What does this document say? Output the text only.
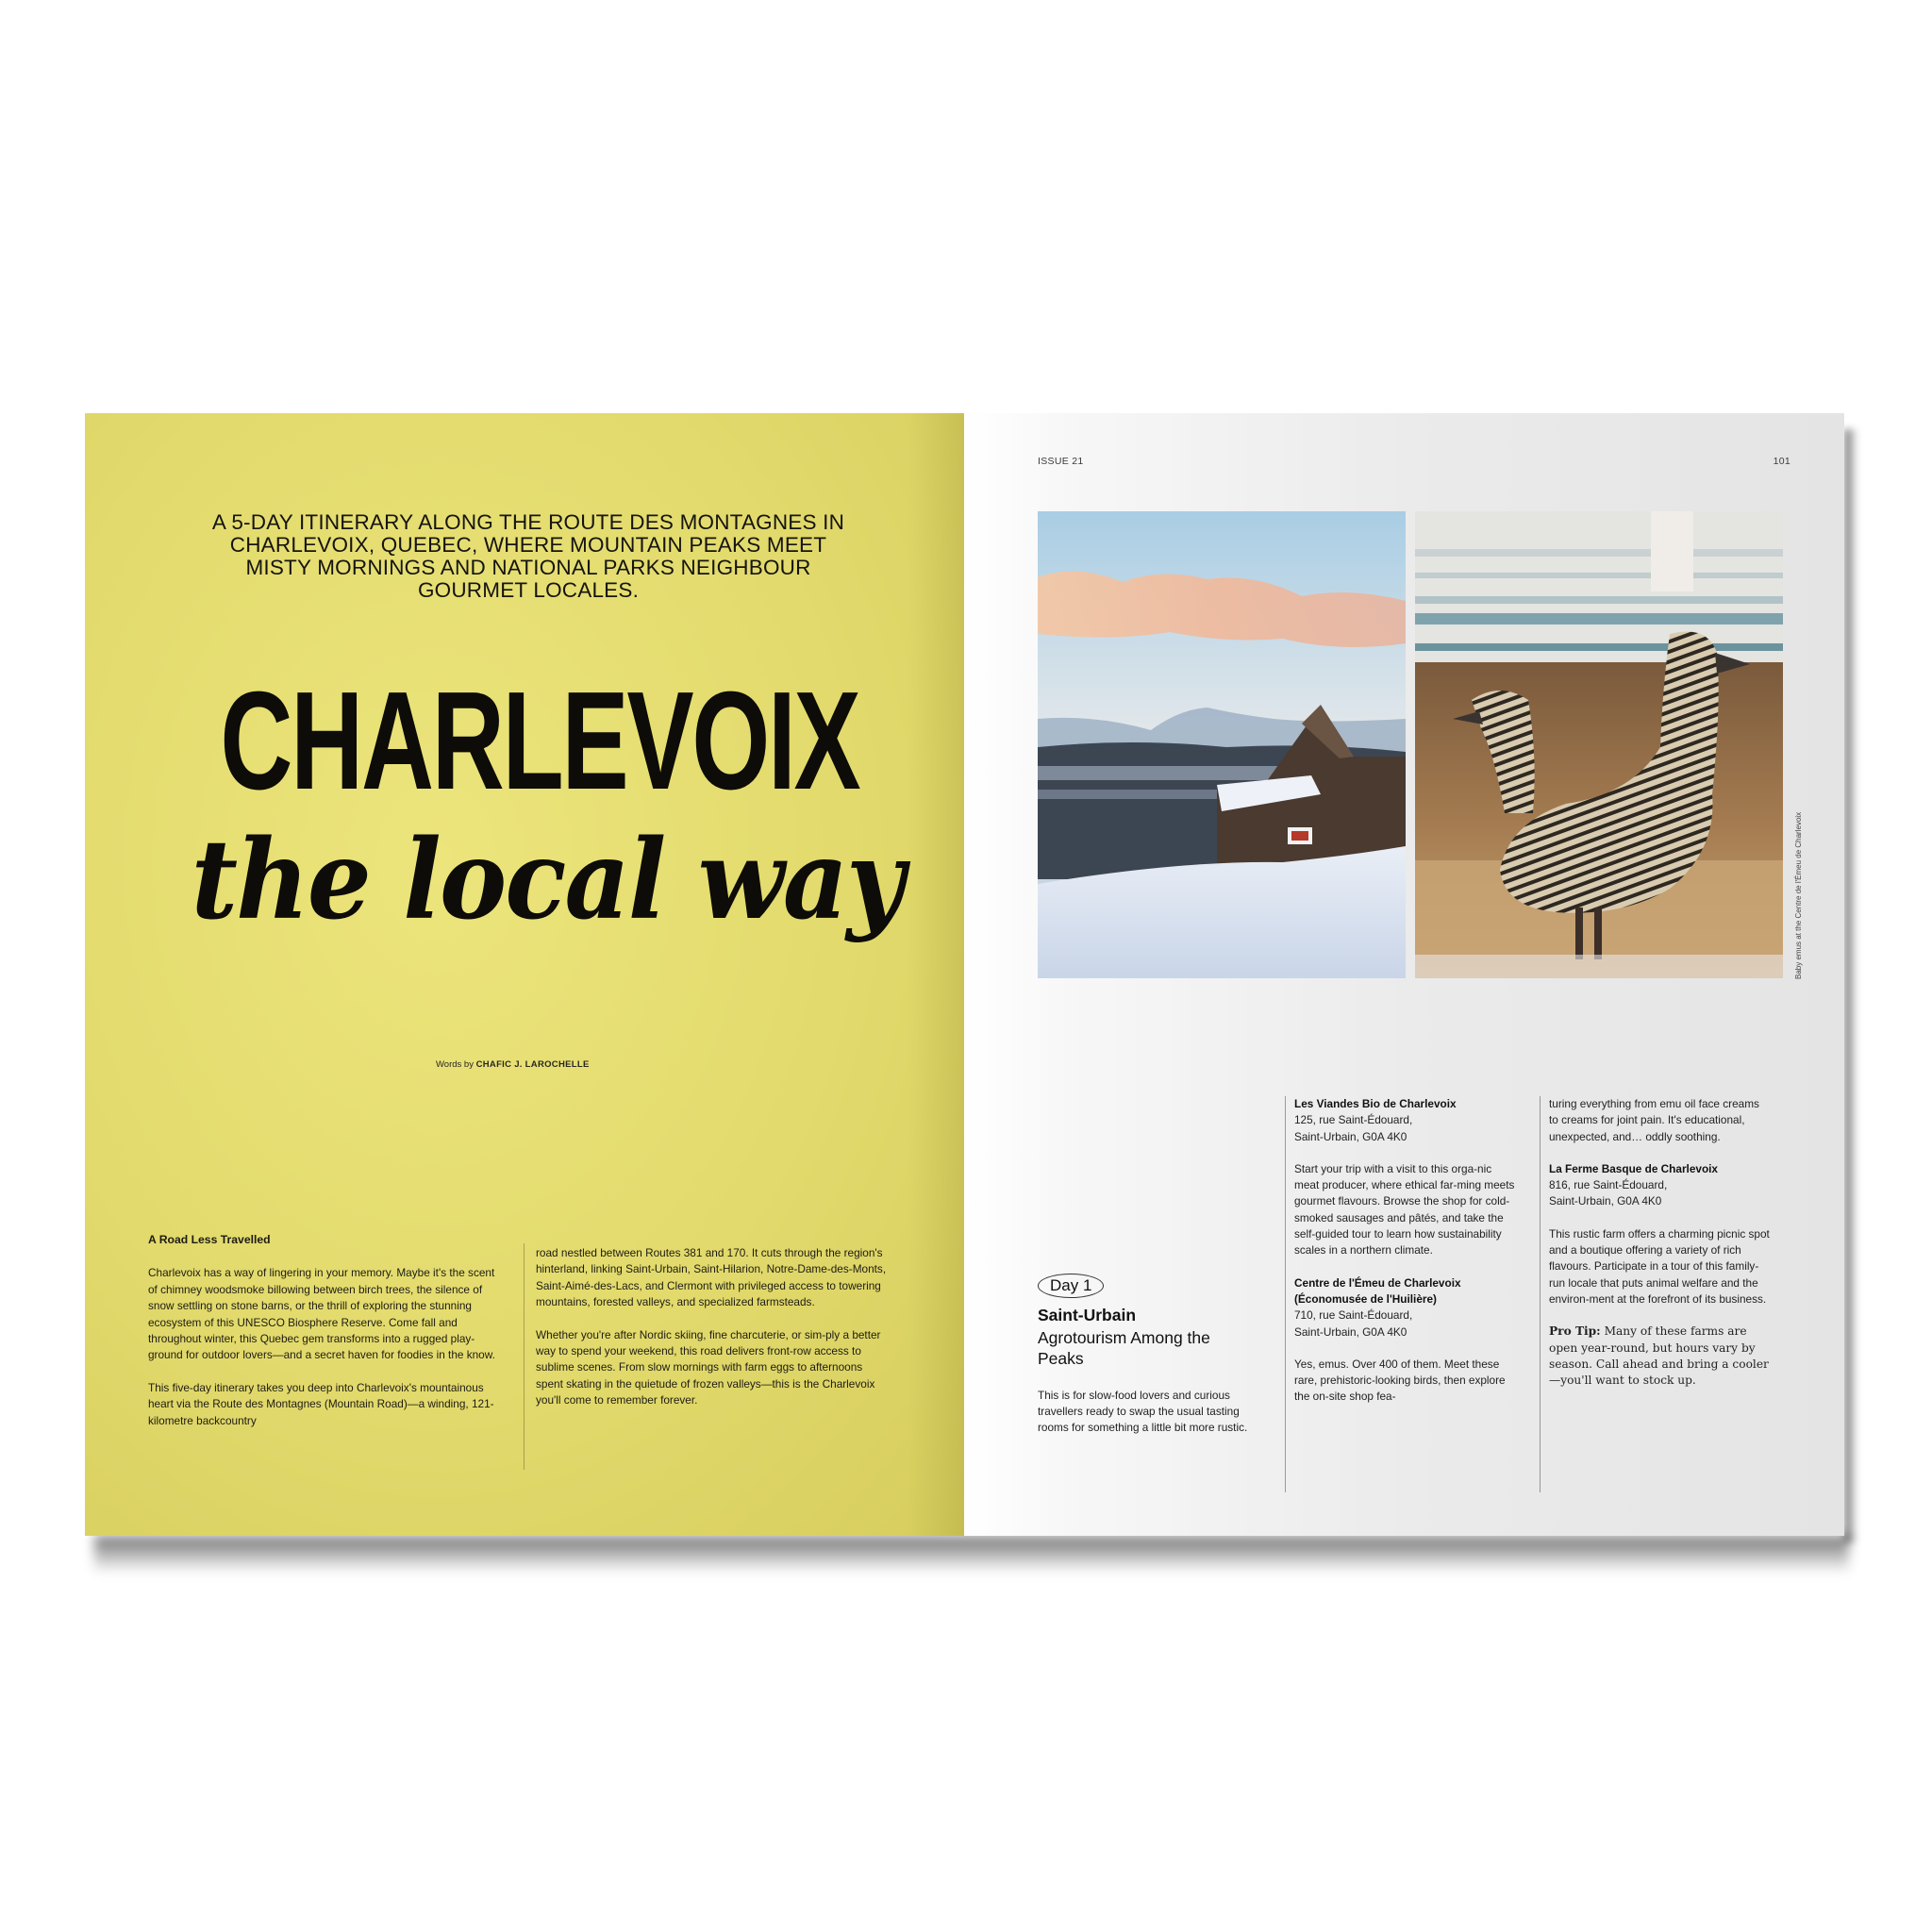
A 5-DAY ITINERARY ALONG THE ROUTE DES MONTAGNES IN CHARLEVOIX, QUEBEC, WHERE MOUNTAIN PEAKS MEET MISTY MORNINGS AND NATIONAL PARKS NEIGHBOUR GOURMET LOCALES.
CHARLEVOIX
the local way
Words by CHAFIC J. LAROCHELLE
A Road Less Travelled

Charlevoix has a way of lingering in your memory. Maybe it's the scent of chimney woodsmoke billowing between birch trees, the silence of snow settling on stone barns, or the thrill of exploring the stunning ecosystem of this UNESCO Biosphere Reserve. Come fall and throughout winter, this Quebec gem transforms into a rugged play-ground for outdoor lovers—and a secret haven for foodies in the know.

This five-day itinerary takes you deep into Charlevoix's mountainous heart via the Route des Montagnes (Mountain Road)—a winding, 121-kilometre backcountry

road nestled between Routes 381 and 170. It cuts through the region's hinterland, linking Saint-Urbain, Saint-Hilarion, Notre-Dame-des-Monts, Saint-Aimé-des-Lacs, and Clermont with privileged access to towering mountains, forested valleys, and specialized farmsteads.

Whether you're after Nordic skiing, fine charcuterie, or sim-ply a better way to spend your weekend, this road delivers front-row access to sublime scenes. From slow mornings with farm eggs to afternoons spent skating in the quietude of frozen valleys—this is the Charlevoix you'll come to remember forever.

ISSUE 21	101
Baby emus at the Centre de l'Émeu de Charlevoix
Day 1
Saint-Urbain
Agrotourism Among the Peaks
This is for slow-food lovers and curious travellers ready to swap the usual tasting rooms for something a little bit more rustic.
Les Viandes Bio de Charlevoix
125, rue Saint-Édouard,

Saint-Urbain, G0A 4K0

Start your trip with a visit to this orga-nic meat producer, where ethical far-ming meets gourmet flavours. Browse the shop for cold-smoked sausages and pâtés, and take the self-guided tour to learn how sustainability scales in a northern climate.

Centre de l'Émeu de Charlevoix (Économusée de l'Huilière)
710, rue Saint-Édouard,

Saint-Urbain, G0A 4K0

Yes, emus. Over 400 of them. Meet these rare, prehistoric-looking birds, then explore the on-site shop fea-

turing everything from emu oil face creams to creams for joint pain. It's educational, unexpected, and… oddly soothing.

La Ferme Basque de Charlevoix
816, rue Saint-Édouard,

Saint-Urbain, G0A 4K0

This rustic farm offers a charming picnic spot and a boutique offering a variety of rich flavours. Participate in a tour of this family-run locale that puts animal welfare and the environ-ment at the forefront of its business.

Pro Tip: Many of these farms are open year-round, but hours vary by season. Call ahead and bring a cooler—you'll want to stock up.
